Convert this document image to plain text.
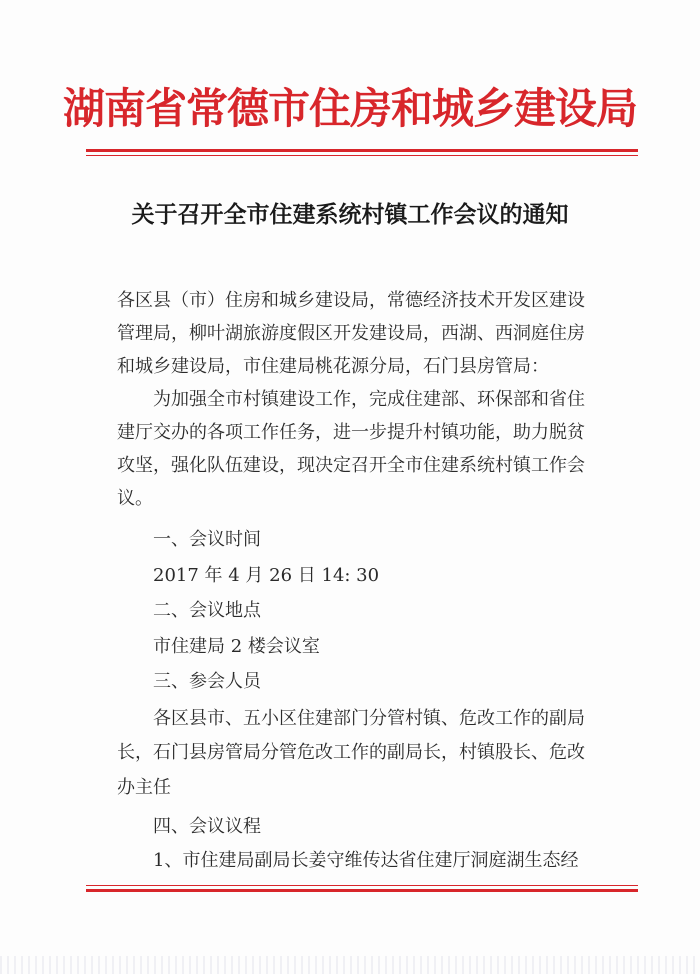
湖南省常德市住房和城乡建设局
关于召开全市住建系统村镇工作会议的通知
各区县（市）住房和城乡建设局，常德经济技术开发区建设
管理局，柳叶湖旅游度假区开发建设局，西湖、西洞庭住房
和城乡建设局，市住建局桃花源分局，石门县房管局：
为加强全市村镇建设工作，完成住建部、环保部和省住
建厅交办的各项工作任务，进一步提升村镇功能，助力脱贫
攻坚，强化队伍建设，现决定召开全市住建系统村镇工作会
议。
一、会议时间
2017 年 4 月 26 日 14: 30
二、会议地点
市住建局 2 楼会议室
三、参会人员
各区县市、五小区住建部门分管村镇、危改工作的副局
长，石门县房管局分管危改工作的副局长，村镇股长、危改
办主任
四、会议议程
1、市住建局副局长姜守维传达省住建厅洞庭湖生态经
